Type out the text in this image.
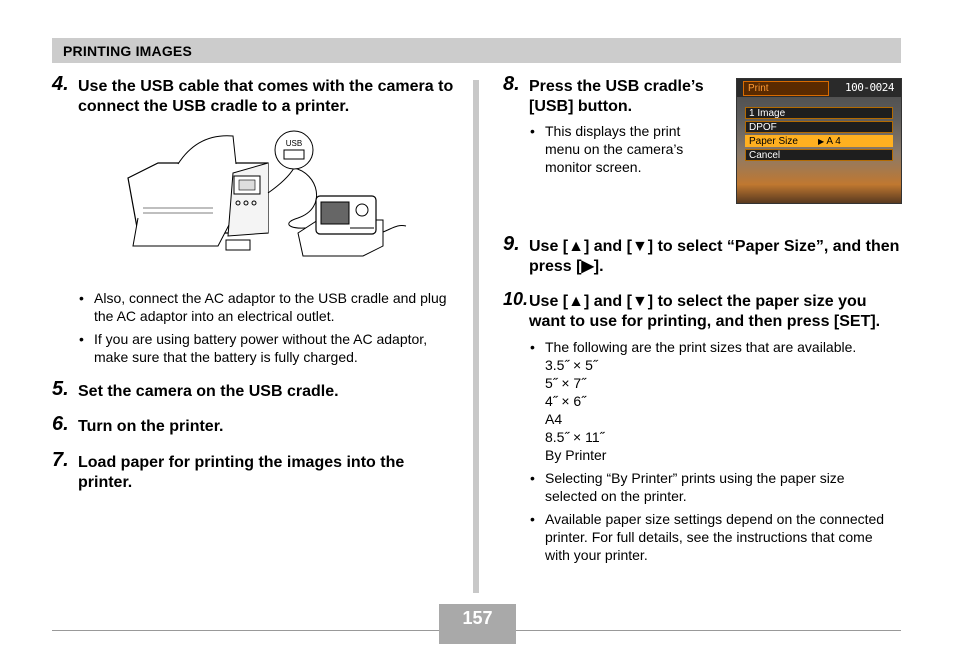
PRINTING IMAGES
4. Use the USB cable that comes with the camera to connect the USB cradle to a printer.
USB
• Also, connect the AC adaptor to the USB cradle and plug the AC adaptor into an electrical outlet.
• If you are using battery power without the AC adaptor, make sure that the battery is fully charged.
5. Set the camera on the USB cradle.
6. Turn on the printer.
7. Load paper for printing the images into the printer.
8. Press the USB cradle’s [USB] button.
• This displays the print menu on the camera’s monitor screen.
Print	100-0024
1 Image
DPOF
Paper Size	▶ A 4
Cancel
9. Use [▲] and [▼] to select “Paper Size”, and then press [▶].
10. Use [▲] and [▼] to select the paper size you want to use for printing, and then press [SET].
• The following are the print sizes that are available.
3.5˝ × 5˝
5˝ × 7˝
4˝ × 6˝
A4
8.5˝ × 11˝
By Printer
• Selecting “By Printer” prints using the paper size selected on the printer.
• Available paper size settings depend on the connected printer. For full details, see the instructions that come with your printer.
157
